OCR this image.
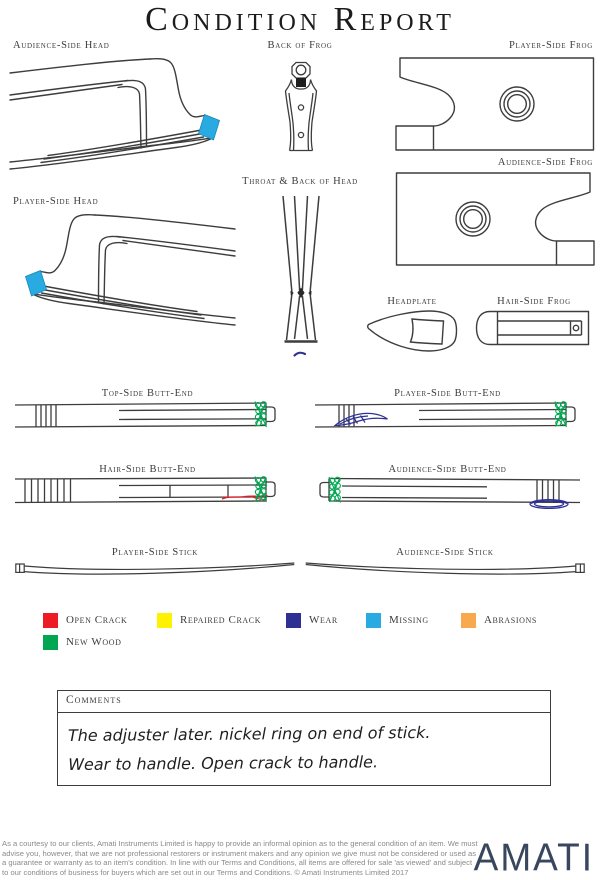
Condition Report
Audience-Side Head	Back of Frog	Player-Side Frog
Audience-Side Frog
Player-Side Head
Throat & Back of Head
Headplate	Hair-Side Frog
Top-Side Butt-End	Player-Side Butt-End
Hair-Side Butt-End	Audience-Side Butt-End
Player-Side Stick	Audience-Side Stick
Open Crack	Repaired Crack	Wear	Missing	Abrasions
New Wood
Comments
The adjuster later. nickel ring on end of stick.
Wear to handle. Open crack to handle.
As a courtesy to our clients, Amati Instruments Limited is happy to provide an informal opinion as to the general condition of an item. We must advise you, however, that we are not professional restorers or instrument makers and any opinion we give must not be considered or used as a guarantee or warranty as to an item's condition. In line with our Terms and Conditions, all items are offered for sale 'as viewed' and subject to our conditions of business for buyers which are set out in our Terms and Conditions. © Amati Instruments Limited 2017	AMATI
